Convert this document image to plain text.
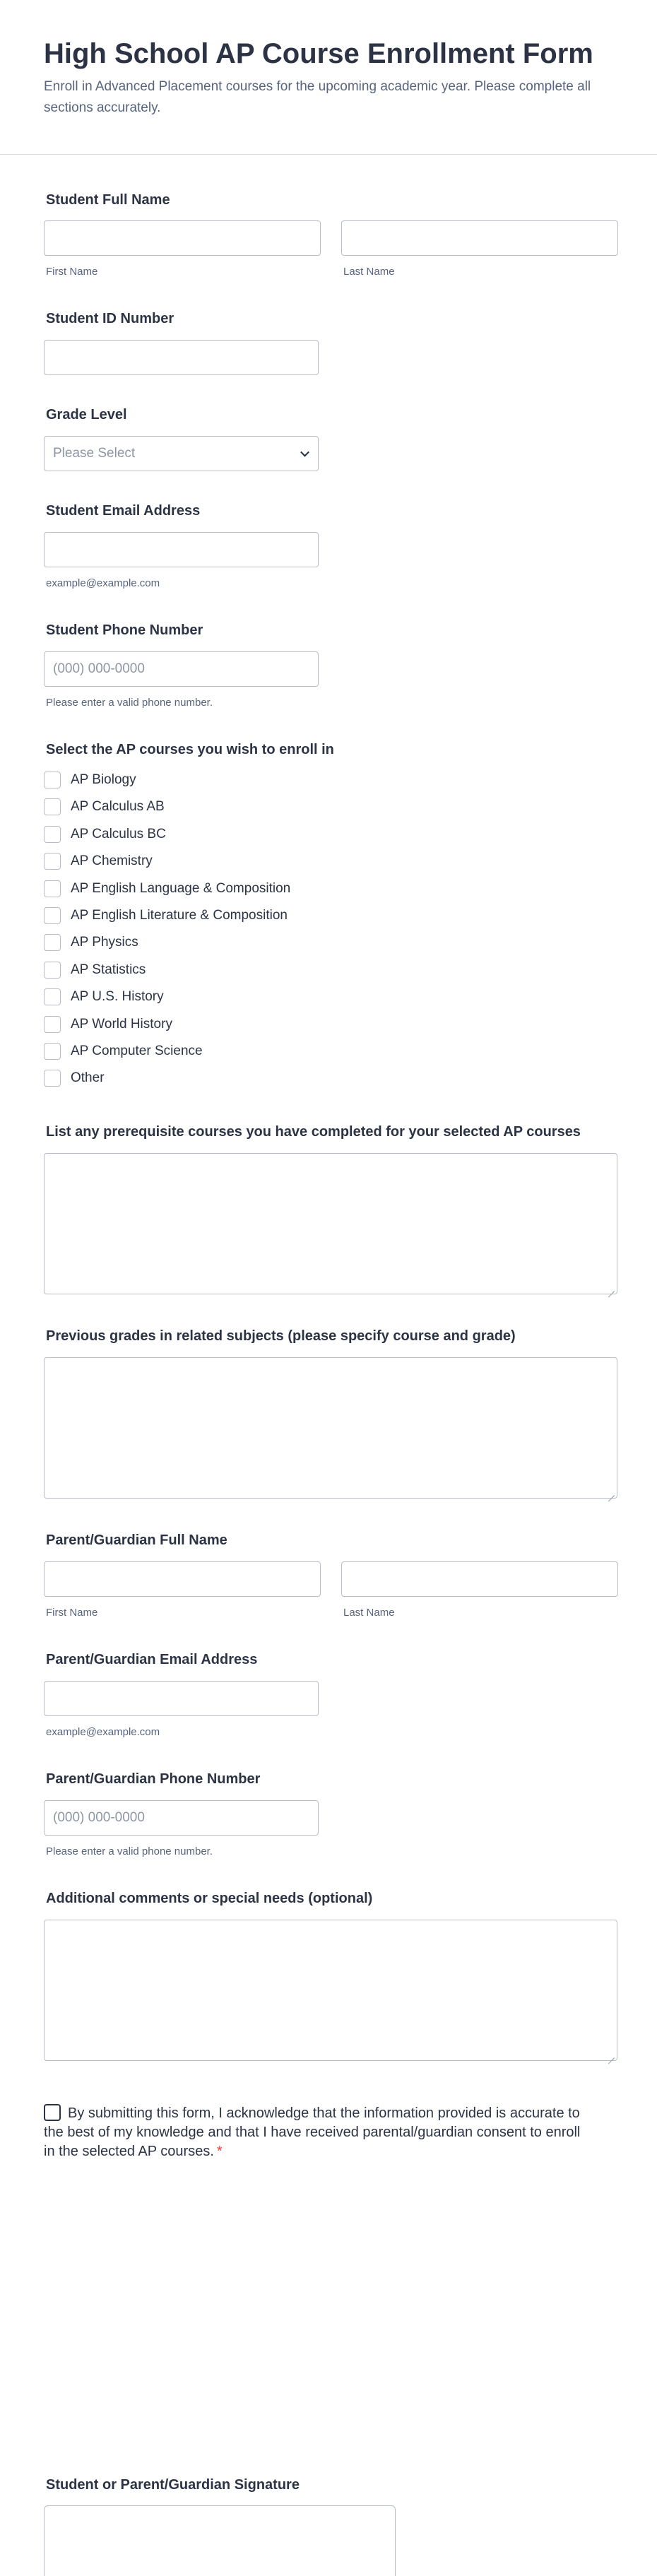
High School AP Course Enrollment Form

Enroll in Advanced Placement courses for the upcoming academic year. Please complete all sections accurately.

Student Full Name
First Name	Last Name
Student ID Number
Grade Level
Please Select
Student Email Address
example@example.com
Student Phone Number
(000) 000-0000
Please enter a valid phone number.
Select the AP courses you wish to enroll in
AP Biology
AP Calculus AB
AP Calculus BC
AP Chemistry
AP English Language & Composition
AP English Literature & Composition
AP Physics
AP Statistics
AP U.S. History
AP World History
AP Computer Science
Other
List any prerequisite courses you have completed for your selected AP courses
Previous grades in related subjects (please specify course and grade)
Parent/Guardian Full Name
First Name	Last Name
Parent/Guardian Email Address
example@example.com
Parent/Guardian Phone Number
(000) 000-0000
Please enter a valid phone number.
Additional comments or special needs (optional)
By submitting this form, I acknowledge that the information provided is accurate to the best of my knowledge and that I have received parental/guardian consent to enroll in the selected AP courses. *
Student or Parent/Guardian Signature
